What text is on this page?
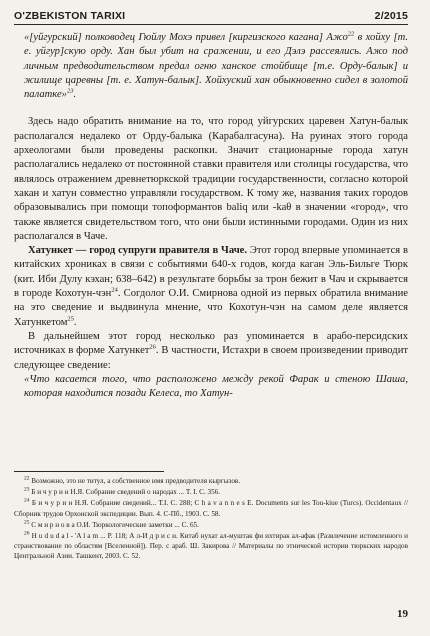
O'ZBEKISTON TARIXI	2/2015

«[уйгурский] полководец Гюйлу Мохэ привел [киргизского кагана] Ажо$^{22}$ в хойху [т. е. уйгур]скую орду. Хан был убит на сражении, и его Дэлэ рассеялись. Ажо под личным предводительством предал огню ханское стойбище [т.е. Орду-балык] и жилище царевны [т. е. Хатун-балык]. Хойхуский хан обыкновенно сидел в золотой палатке»$^{23}$.

Здесь надо обратить внимание на то, что город уйгурских царевен Хатун-балык располагался недалеко от Орду-балыка (Карабалгасуна). На руинах этого города археологами были проведены раскопки. Значит стационарные города хатун располагались недалеко от постоянной ставки правителя или столицы государства, что являлось отражением древнетюркской традиции государственности, согласно которой хакан и хатун совместно управляли государством. К тому же, названия таких городов образовывались при помощи топоформантов baliq или -kaθ в значении «город», что также является свидетельством того, что они были истинными городами. Один из них располагался в Чаче.

Хатункет — город супруги правителя в Чаче. Этот город впервые упоминается в китайских хрониках в связи с событиями 640-х годов, когда каган Эль-Бильге Тюрк (кит. Иби Дулу кэхан; 638–642) в результате борьбы за трон бежит в Чач и скрывается в городе Кохотун-чэн$^{24}$. Согдолог О.И. Смирнова одной из первых обратила внимание на это сведение и выдвинула мнение, что Кохотун-чэн на самом деле является Хатункетом$^{25}$.

В дальнейшем этот город несколько раз упоминается в арабо-персидских источниках в форме Хатункет$^{26}$. В частности, Истахри в своем произведении приводит следующее сведение:

«Что касается того, что расположено между рекой Фарак и стеною Шаша, которая находится позади Келеса, то Хатун-

$^{22}$ Возможно, это не титул, а собственное имя предводителя кыргызов.

$^{23}$ Б и ч у р и н Н.Я. Собрание сведений о народах ... Т. I. С. 356.

$^{24}$ Б и ч у р и н Н.Я. Собрание сведений... Т.I. С. 288; C h a v a n n e s E. Documents sur les Tou-kiue (Turcs). Occidentaux // Сборник трудов Орхонской экспедиции. Вып. 4. С-Пб., 1903. С. 58.

$^{25}$ С м и р н о в а О.И. Тюркологические заметки ... С. 65.

$^{26}$ H u d u d a l - 'A l a m ... P. 118; А л-И д р и с и. Китаб нухат ал-муштак фи ихтирак ал-афак (Развлечение истомленного и странствование по областям [Вселенной]). Пер. с араб. Ш. Закирова // Материалы по этнической истории тюркских народов Центральной Азии. Ташкент, 2003. С. 52.

19
